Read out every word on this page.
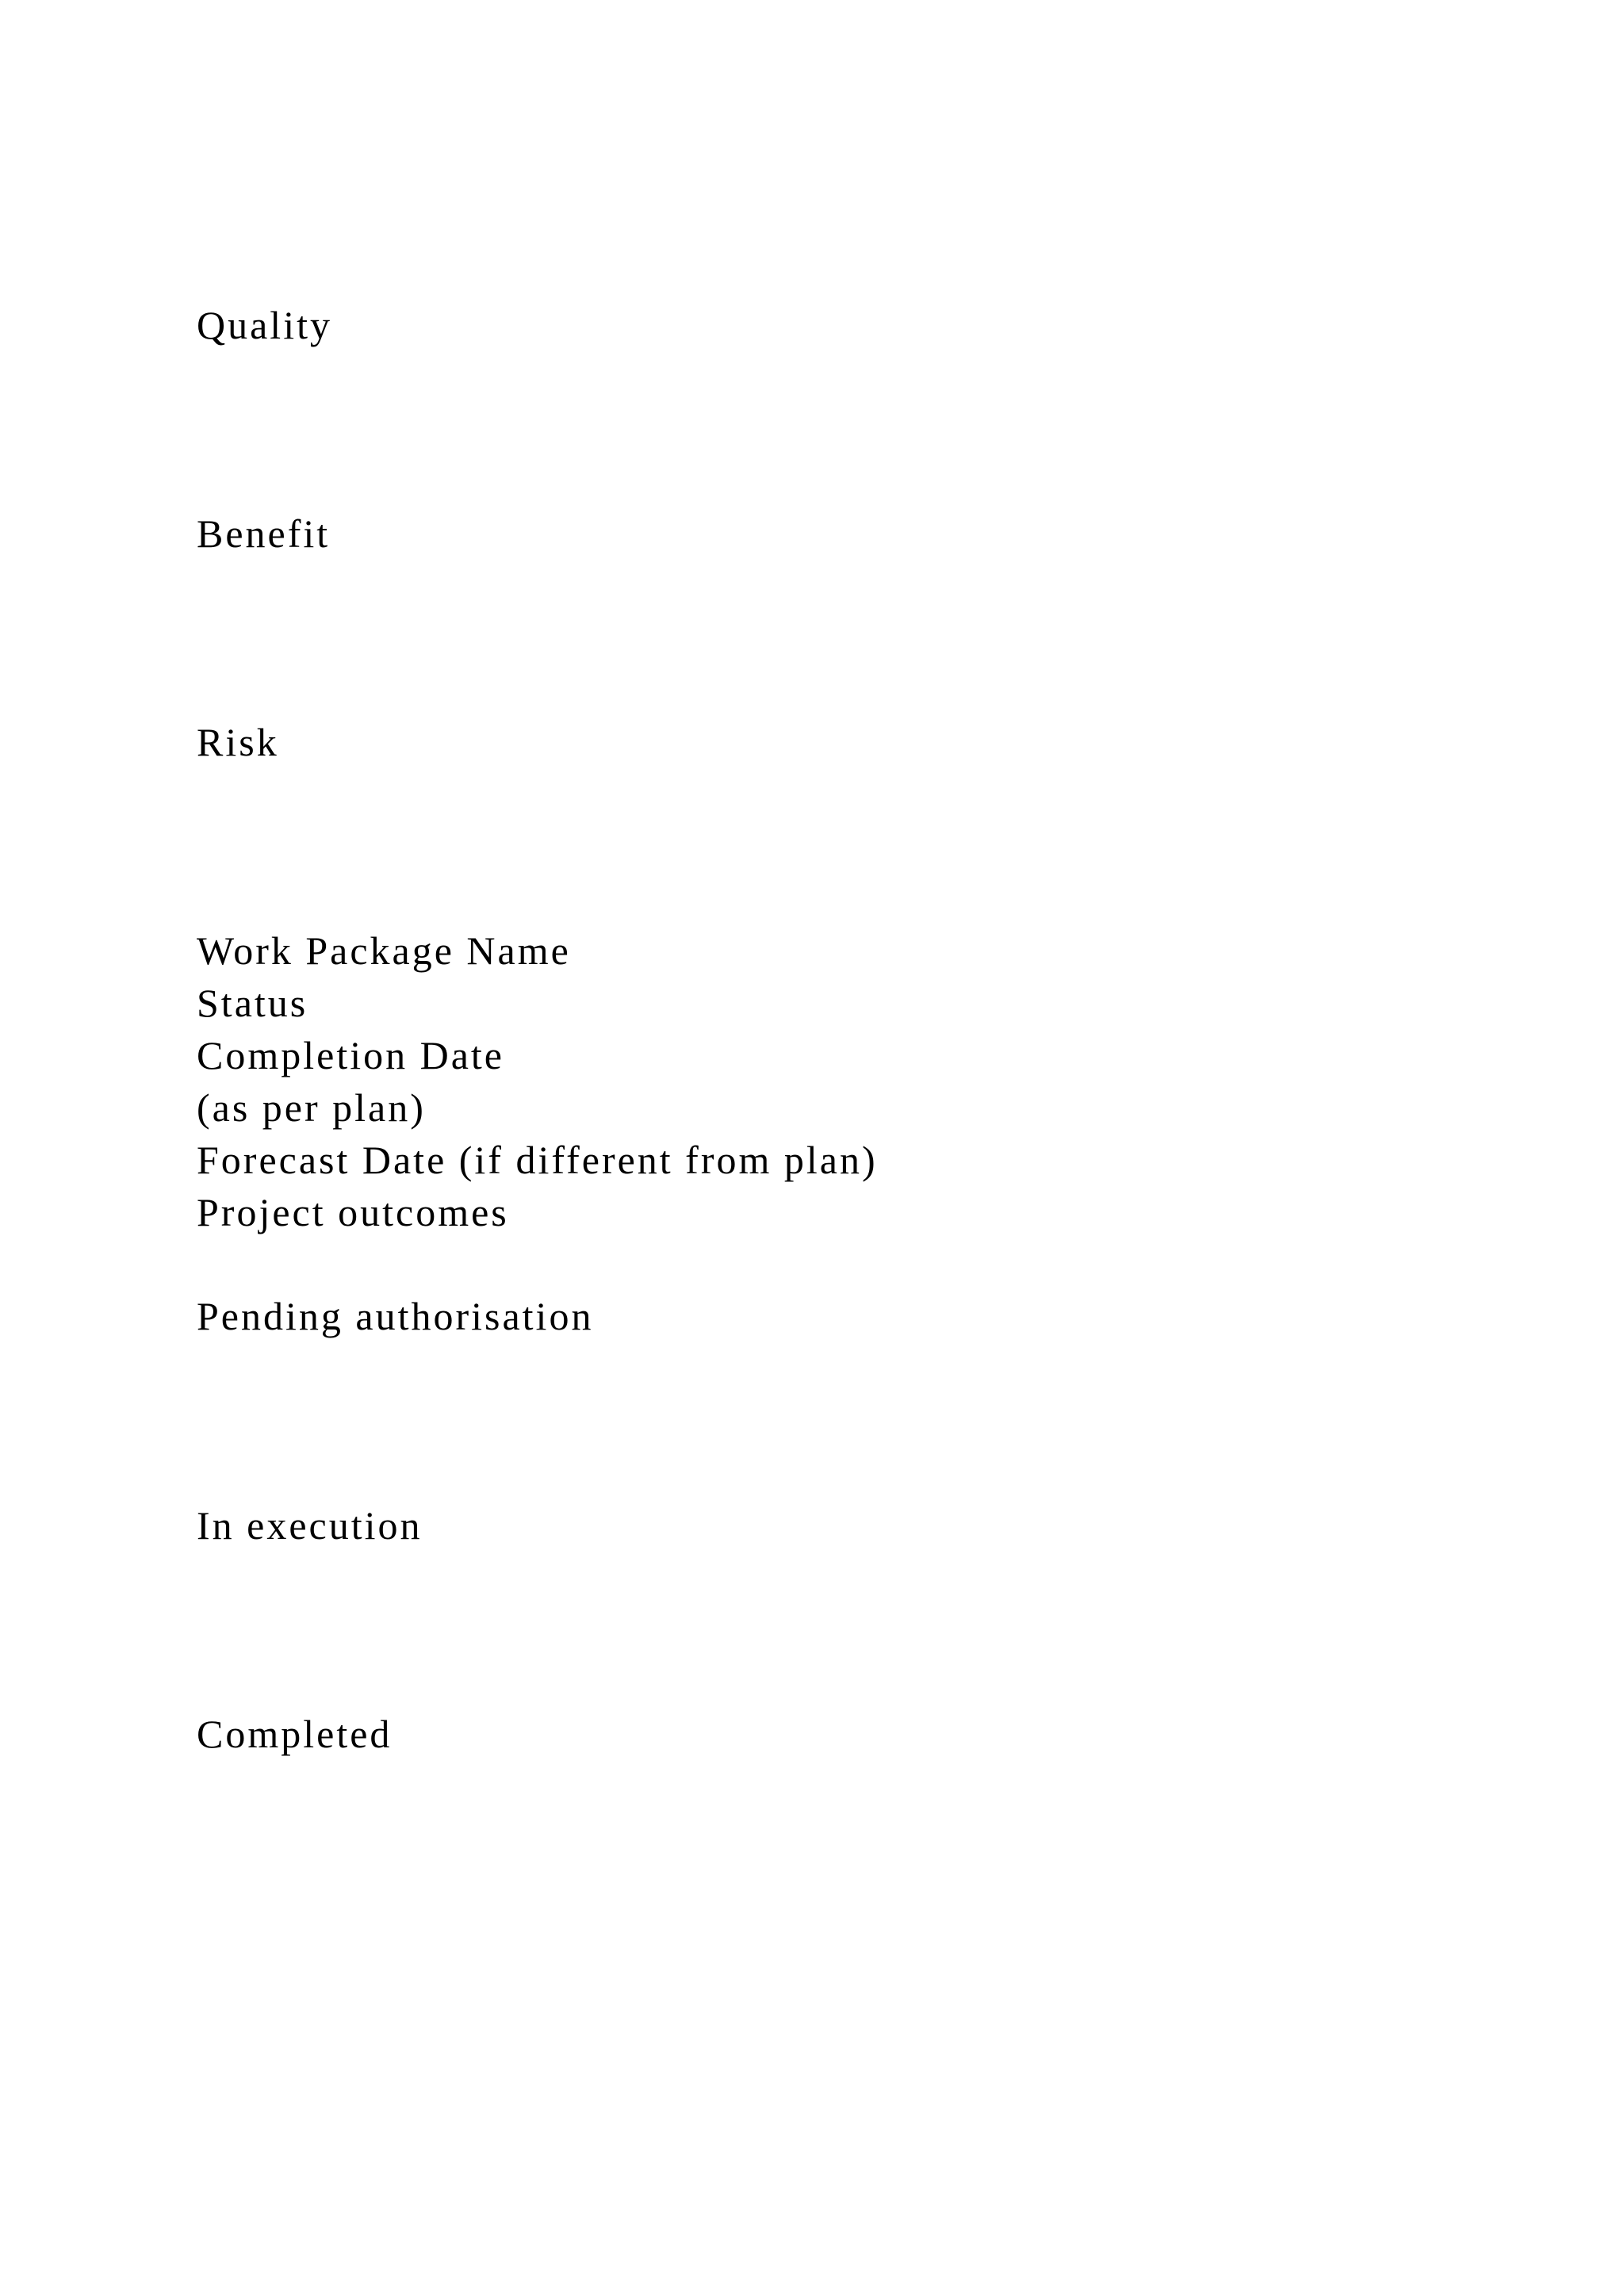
Quality

Benefit

Risk

Work Package Name

Status

Completion Date

(as per plan)

Forecast Date (if different from plan)

Project outcomes

Pending authorisation

In execution

Completed
